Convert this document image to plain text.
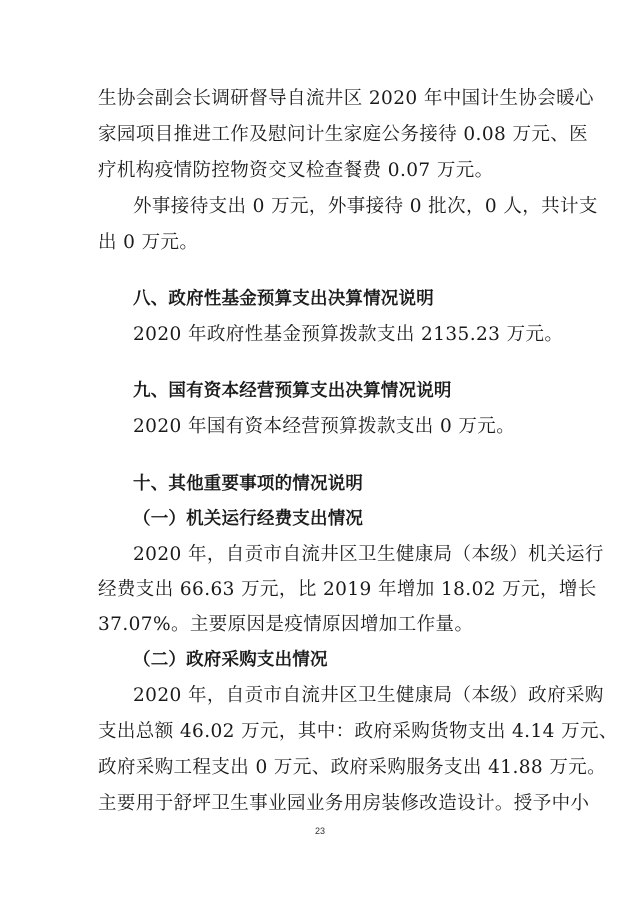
生协会副会长调研督导自流井区 2020 年中国计生协会暖心
家园项目推进工作及慰问计生家庭公务接待 0.08 万元、医
疗机构疫情防控物资交叉检查餐费 0.07 万元。
外事接待支出 0 万元，外事接待 0 批次，0 人，共计支
出 0 万元。
八、政府性基金预算支出决算情况说明
2020 年政府性基金预算拨款支出 2135.23 万元。
九、国有资本经营预算支出决算情况说明
2020 年国有资本经营预算拨款支出 0 万元。
十、其他重要事项的情况说明
（一）机关运行经费支出情况
2020 年，自贡市自流井区卫生健康局（本级）机关运行
经费支出 66.63 万元，比 2019 年增加 18.02 万元，增长
37.07%。主要原因是疫情原因增加工作量。
（二）政府采购支出情况
2020 年，自贡市自流井区卫生健康局（本级）政府采购
支出总额 46.02 万元，其中：政府采购货物支出 4.14 万元、
政府采购工程支出 0 万元、政府采购服务支出 41.88 万元。
主要用于舒坪卫生事业园业务用房装修改造设计。授予中小
23
